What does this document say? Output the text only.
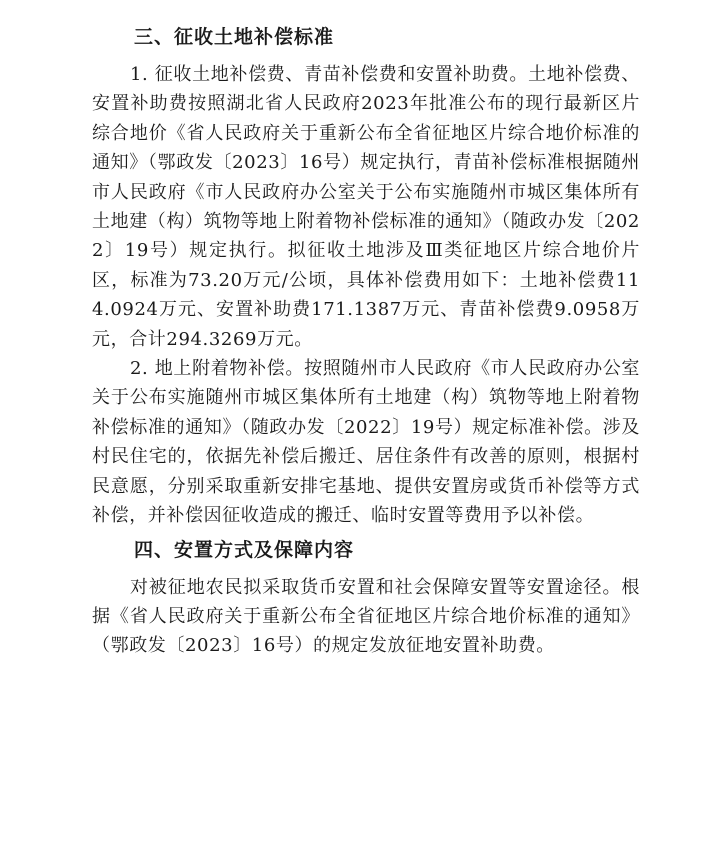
三、征收土地补偿标准

1. 征收土地补偿费、青苗补偿费和安置补助费。土地补偿费、安置补助费按照湖北省人民政府2023年批准公布的现行最新区片综合地价《省人民政府关于重新公布全省征地区片综合地价标准的通知》（鄂政发〔2023〕16号）规定执行，青苗补偿标准根据随州市人民政府《市人民政府办公室关于公布实施随州市城区集体所有土地建（构）筑物等地上附着物补偿标准的通知》（随政办发〔2022〕19号）规定执行。拟征收土地涉及Ⅲ类征地区片综合地价片区，标准为73.20万元/公顷，具体补偿费用如下：土地补偿费114.0924万元、安置补助费171.1387万元、青苗补偿费9.0958万元，合计294.3269万元。

2. 地上附着物补偿。按照随州市人民政府《市人民政府办公室关于公布实施随州市城区集体所有土地建（构）筑物等地上附着物补偿标准的通知》（随政办发〔2022〕19号）规定标准补偿。涉及村民住宅的，依据先补偿后搬迁、居住条件有改善的原则，根据村民意愿，分别采取重新安排宅基地、提供安置房或货币补偿等方式补偿，并补偿因征收造成的搬迁、临时安置等费用予以补偿。

四、安置方式及保障内容

对被征地农民拟采取货币安置和社会保障安置等安置途径。根据《省人民政府关于重新公布全省征地区片综合地价标准的通知》（鄂政发〔2023〕16号）的规定发放征地安置补助费。
